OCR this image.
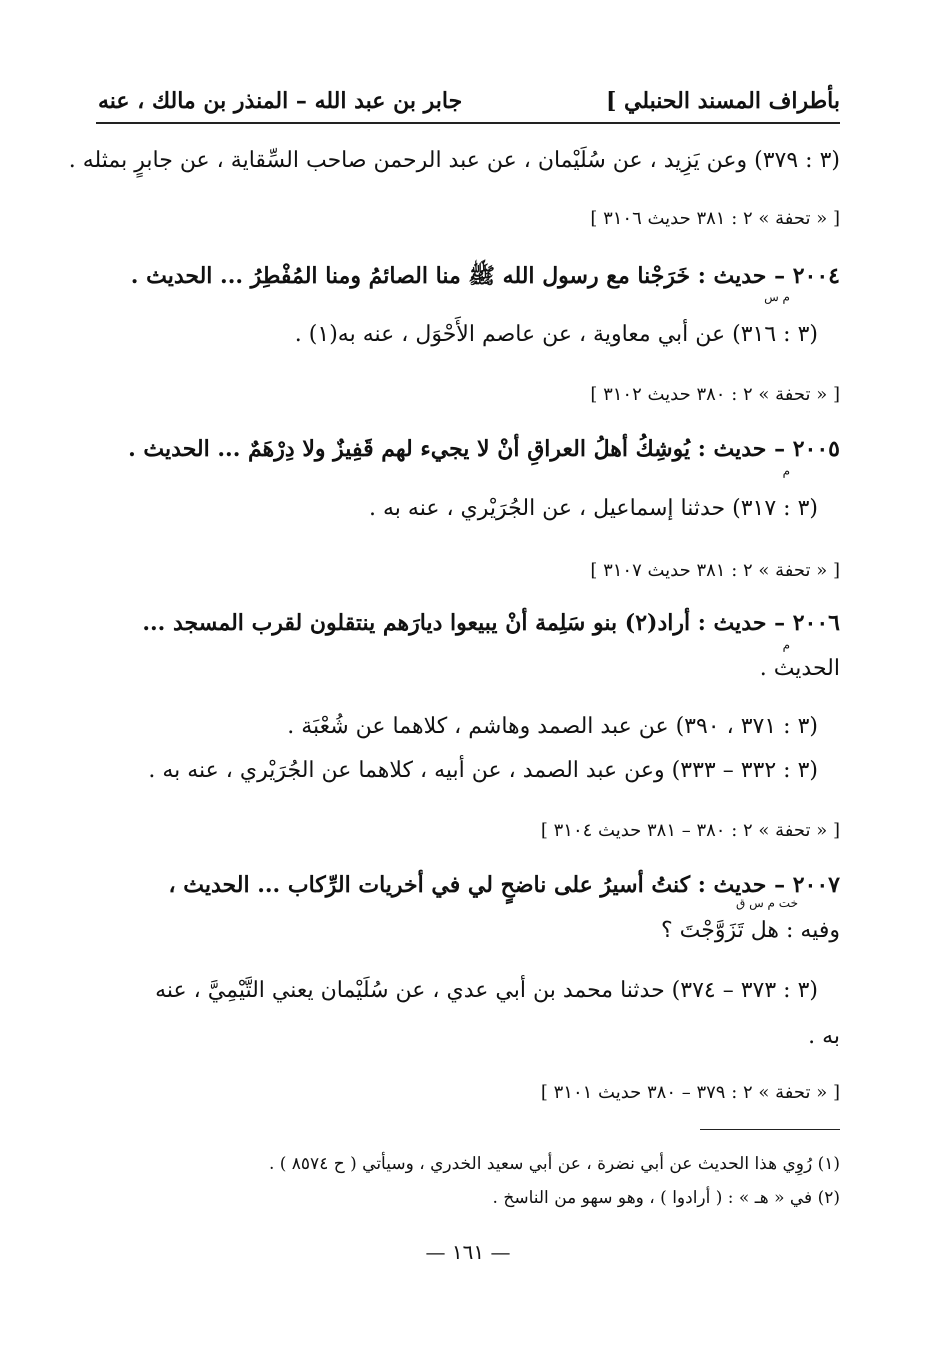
بأطراف المسند الحنبلي ]
جابر بن عبد الله – المنذر بن مالك ، عنه
(٣ : ٣٧٩) وعن يَزِيد ، عن سُلَيْمان ، عن عبد الرحمن صاحب السِّقاية ، عن جابرٍ بمثله .
[ « تحفة » ٢ : ٣٨١ حديث ٣١٠٦ ]
٢٠٠٤ – حديث : خَرَجْنا مع رسول الله ﷺ منا الصائمُ ومنا المُفْطِرُ ... الحديث .
م س
(٣ : ٣١٦) عن أبي معاوية ، عن عاصم الأَحْوَل ، عنه به(١) .
[ « تحفة » ٢ : ٣٨٠ حديث ٣١٠٢ ]
٢٠٠٥ – حديث : يُوشِكُ أهلُ العراقِ أنْ لا يجيء لهم قَفِيزٌ ولا دِرْهَمٌ ... الحديث .
م
(٣ : ٣١٧) حدثنا إسماعيل ، عن الجُرَيْري ، عنه به .
[ « تحفة » ٢ : ٣٨١ حديث ٣١٠٧ ]
٢٠٠٦ – حديث : أراد(٢) بنو سَلِمة أنْ يبيعوا ديارَهم ينتقلون لقرب المسجد ...
م
الحديث .
(٣ : ٣٧١ ، ٣٩٠) عن عبد الصمد وهاشم ، كلاهما عن شُعْبَة .
(٣ : ٣٣٢ – ٣٣٣) وعن عبد الصمد ، عن أبيه ، كلاهما عن الجُرَيْري ، عنه به .
[ « تحفة » ٢ : ٣٨٠ – ٣٨١ حديث ٣١٠٤ ]
٢٠٠٧ – حديث : كنتُ أسيرُ على ناضحٍ لي في أخريات الرِّكاب ... الحديث ،
خت م س ق
وفيه : هل تَزَوَّجْتَ ؟
(٣ : ٣٧٣ – ٣٧٤) حدثنا محمد بن أبي عدي ، عن سُلَيْمان يعني التَّيْمِيَّ ، عنه
به .
[ « تحفة » ٢ : ٣٧٩ – ٣٨٠ حديث ٣١٠١ ]
(١) رُوِي هذا الحديث عن أبي نضرة ، عن أبي سعيد الخدري ، وسيأتي ( ح ٨٥٧٤ ) .
(٢) في « هـ » : ( أرادوا ) ، وهو سهو من الناسخ .
— ١٦١ —
